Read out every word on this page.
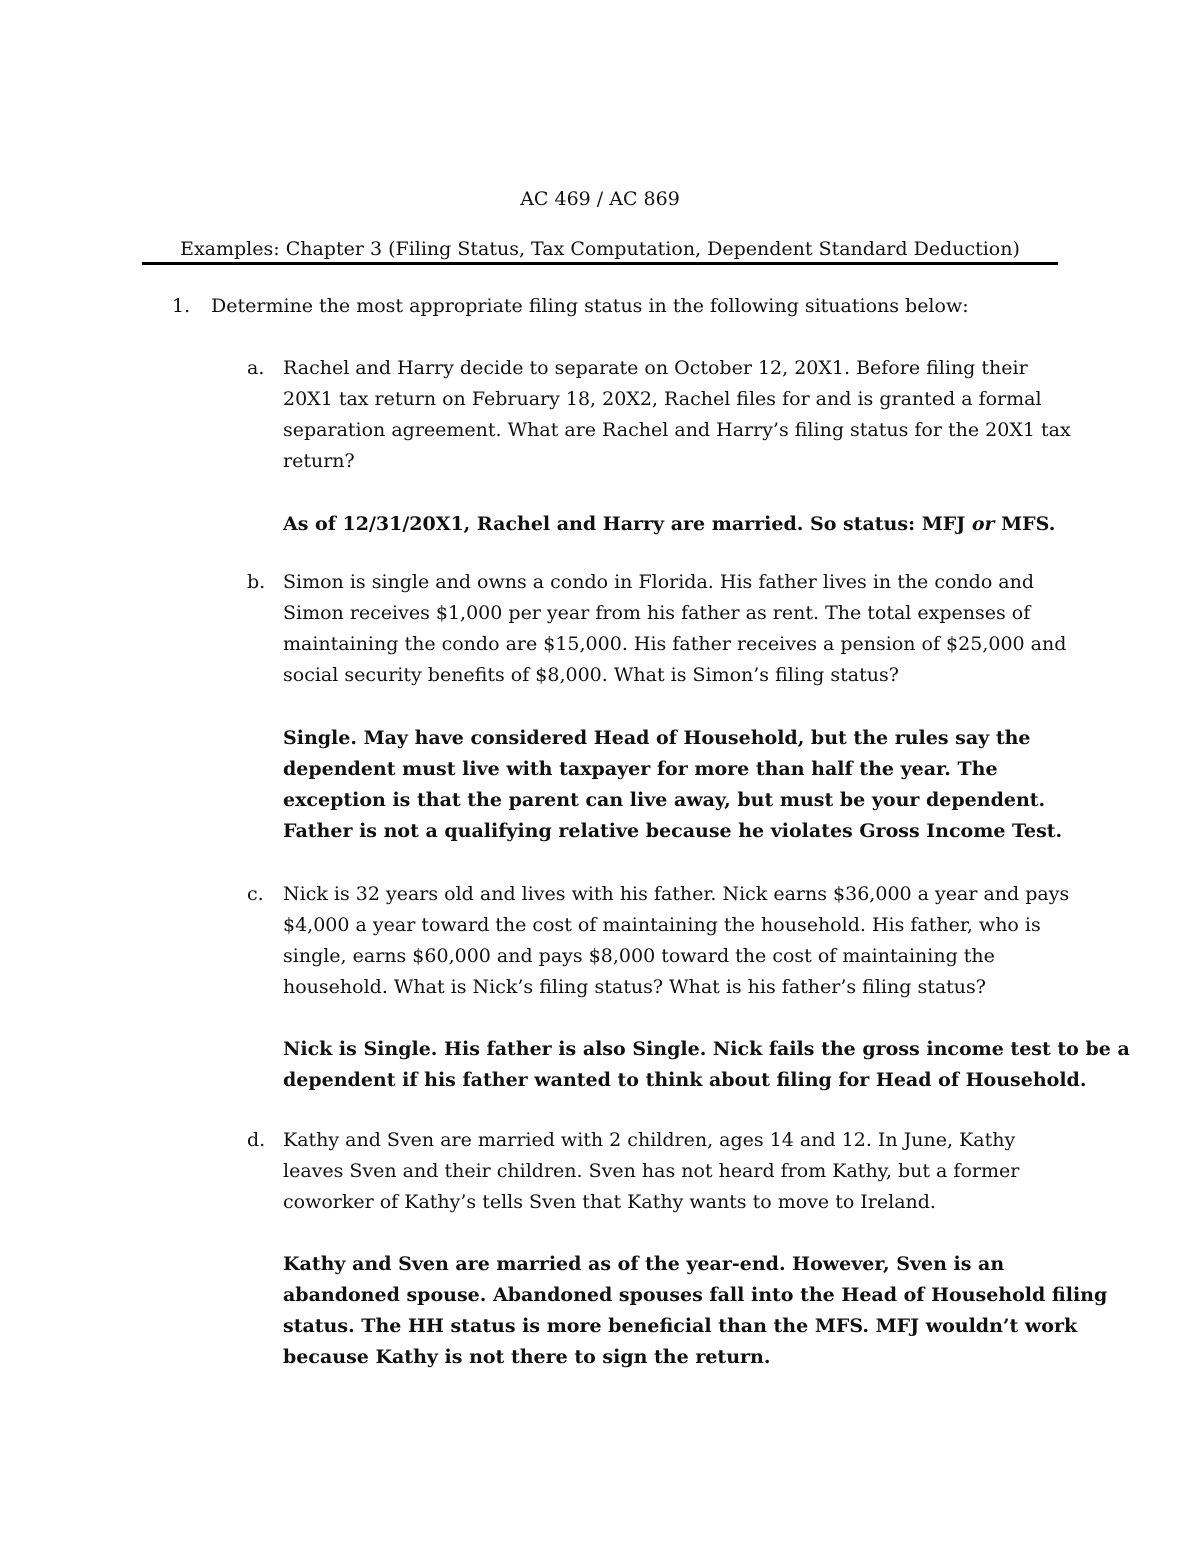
AC 469 / AC 869
Examples: Chapter 3 (Filing Status, Tax Computation, Dependent Standard Deduction)
1. Determine the most appropriate filing status in the following situations below:
a. Rachel and Harry decide to separate on October 12, 20X1. Before filing their
20X1 tax return on February 18, 20X2, Rachel files for and is granted a formal
separation agreement. What are Rachel and Harry’s filing status for the 20X1 tax
return?
As of 12/31/20X1, Rachel and Harry are married. So status: MFJ or MFS.
b. Simon is single and owns a condo in Florida. His father lives in the condo and
Simon receives $1,000 per year from his father as rent. The total expenses of
maintaining the condo are $15,000. His father receives a pension of $25,000 and
social security benefits of $8,000. What is Simon’s filing status?
Single. May have considered Head of Household, but the rules say the
dependent must live with taxpayer for more than half the year. The
exception is that the parent can live away, but must be your dependent.
Father is not a qualifying relative because he violates Gross Income Test.
c. Nick is 32 years old and lives with his father. Nick earns $36,000 a year and pays
$4,000 a year toward the cost of maintaining the household. His father, who is
single, earns $60,000 and pays $8,000 toward the cost of maintaining the
household. What is Nick’s filing status? What is his father’s filing status?
Nick is Single. His father is also Single. Nick fails the gross income test to be a
dependent if his father wanted to think about filing for Head of Household.
d. Kathy and Sven are married with 2 children, ages 14 and 12. In June, Kathy
leaves Sven and their children. Sven has not heard from Kathy, but a former
coworker of Kathy’s tells Sven that Kathy wants to move to Ireland.
Kathy and Sven are married as of the year-end. However, Sven is an
abandoned spouse. Abandoned spouses fall into the Head of Household filing
status. The HH status is more beneficial than the MFS. MFJ wouldn’t work
because Kathy is not there to sign the return.
